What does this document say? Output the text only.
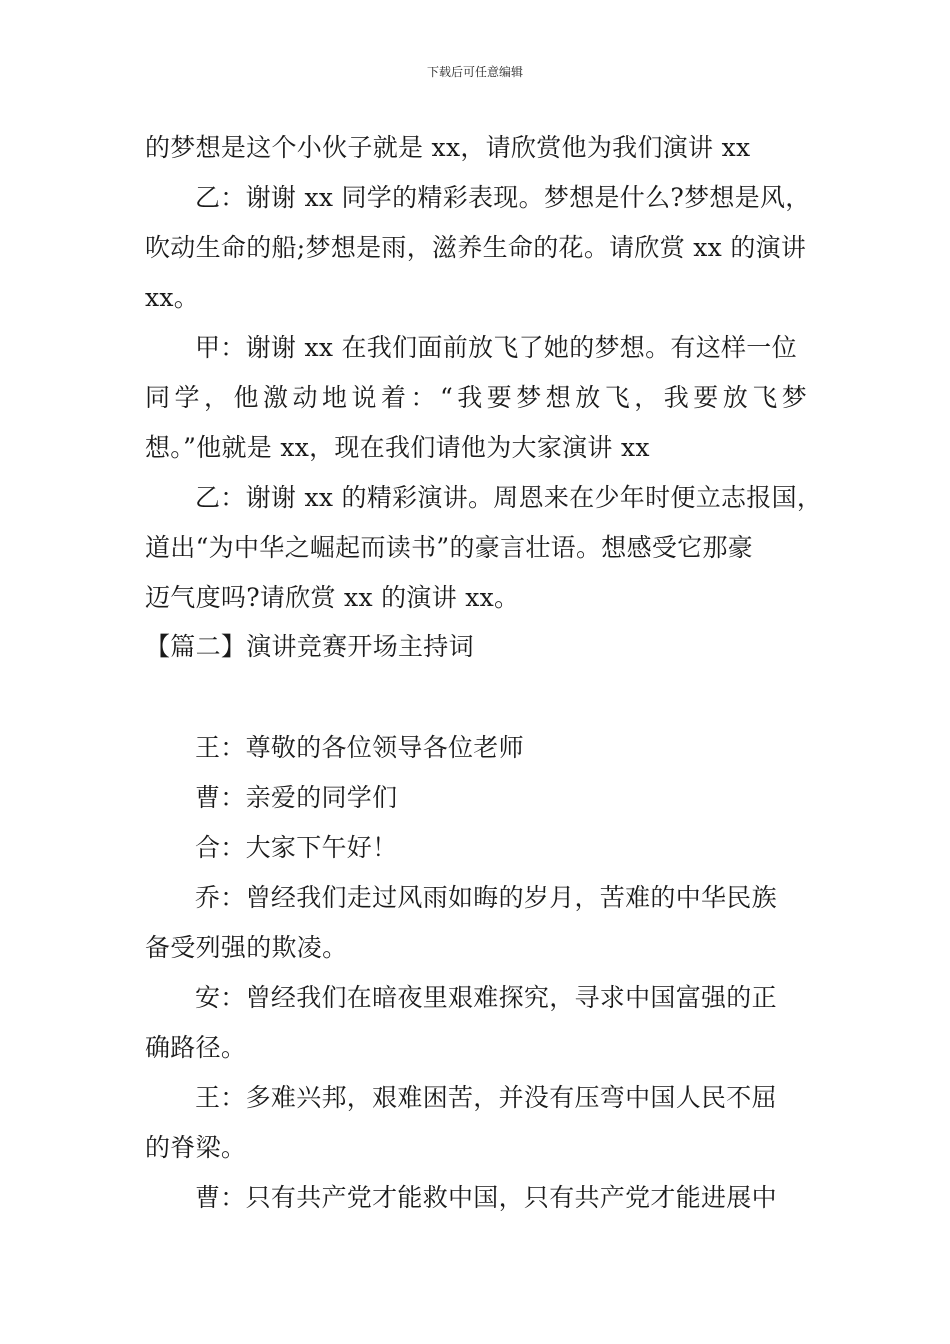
下载后可任意编辑
的梦想是这个小伙子就是 xx，请欣赏他为我们演讲 xx
乙：谢谢 xx 同学的精彩表现。梦想是什么?梦想是风，
吹动生命的船;梦想是雨，滋养生命的花。请欣赏 xx 的演讲
xx。
甲：谢谢 xx 在我们面前放飞了她的梦想。有这样一位
同学，他激动地说着：“我要梦想放飞，我要放飞梦
想。”他就是 xx，现在我们请他为大家演讲 xx
乙：谢谢 xx 的精彩演讲。周恩来在少年时便立志报国，
道出“为中华之崛起而读书”的豪言壮语。想感受它那豪
迈气度吗?请欣赏 xx 的演讲 xx。
【篇二】演讲竞赛开场主持词
王：尊敬的各位领导各位老师
曹：亲爱的同学们
合：大家下午好！
乔：曾经我们走过风雨如晦的岁月，苦难的中华民族
备受列强的欺凌。
安：曾经我们在暗夜里艰难探究，寻求中国富强的正
确路径。
王：多难兴邦，艰难困苦，并没有压弯中国人民不屈
的脊梁。
曹：只有共产党才能救中国，只有共产党才能进展中
